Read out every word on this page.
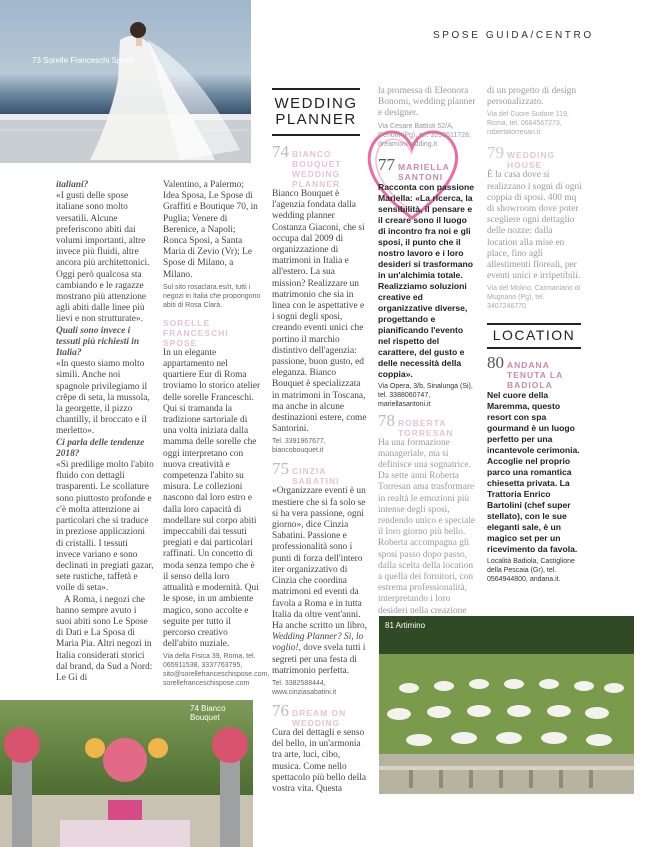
SPOSE GUIDA/CENTRO
73 Sorelle Franceschi Spose

italiani?

«I gusti delle spose italiane sono molto versatili. Alcune preferiscono abiti dai volumi importanti, altre invece più fluidi, altre ancora più architettonici. Oggi però qualcosa sta cambiando e le ragazze mostrano più attenzione agli abiti dalle linee più lievi e non strutturate».

Quali sono invece i tessuti più richiesti in Italia?

«In questo siamo molto simili. Anche noi spagnole privilegiamo il crêpe di seta, la mussola, la georgette, il pizzo chantilly, il broccato e il merletto».

Ci parla delle tendenze 2018?

«Si predilige molto l'abito fluido con dettagli trasparenti. Le scollature sono piuttosto profonde e c'è molta attenzione ai particolari che si traduce in preziose applicazioni di cristalli. I tessuti invece variano e sono declinati in pregiati gazar, sete rustiche, taffetà e voile di seta».

A Roma, i negozi che hanno sempre avuto i suoi abiti sono Le Spose di Dati e La Sposa di Maria Pia. Altri negozi in Italia considerati storici dal brand, da Sud a Nord: Le Gi di

Valentino, a Palermo; Idea Sposa, Le Spose di Graffiti e Boutique 70, in Puglia; Venere di Berenice, a Napoli; Ronca Sposi, a Santa Maria di Zevio (Vr); Le Spose di Milano, a Milano.

Sul sito rosaclara.es/it, tutti i negozi in Italia che propongono abiti di Rosa Clarà.

SORELLE FRANCESCHI SPOSE

In un elegante appartamento nel quartiere Eur di Roma troviamo lo storico atelier delle sorelle Franceschi. Qui si tramanda la tradizione sartoriale di una volta iniziata dalla mamma delle sorelle che oggi interpretano con nuova creatività e competenza l'abito su misura. Le collezioni nascono dal loro estro e dalla loro capacità di modellare sul corpo abiti impeccabili dai tessuti pregiati e dai particolari raffinati. Un concetto di moda senza tempo che è il senso della loro attualità e modernità. Qui le spose, in un ambiente magico, sono accolte e seguite per tutto il percorso creativo dell'abito nuziale.

Via della Fisica 39, Roma, tel. 065911538, 3337763795, sito@sorellefranceschispose.com, sorellefranceschispose.com

WEDDING
PLANNER
74 BIANCO BOUQUET WEDDING PLANNER

Bianco Bouquet è l'agenzia fondata dalla wedding planner Costanza Giaconi, che si occupa dal 2009 di organizzazione di matrimoni in Italia e all'estero. La sua mission? Realizzare un matrimonio che sia in linea con le aspettative e i sogni degli sposi, creando eventi unici che portino il marchio distintivo dell'agenzia: passione, buon gusto, ed eleganza. Bianco Bouquet è specializzata in matrimoni in Toscana, ma anche in alcune destinazioni estere, come Santorini.

Tel. 3391967677, biancobouquet.it

75 CINZIA SABATINI

«Organizzare eventi è un mestiere che si fa solo se si ha vera passione, ogni giorno», dice Cinzia Sabatini. Passione e professionalità sono i punti di forza dell'intero iter organizzativo di Cinzia che coordina matrimoni ed eventi da favola a Roma e in tutta Italia da oltre vent'anni. Ha anche scritto un libro, Wedding Planner? Sì, lo voglio!, dove svela tutti i segreti per una festa di matrimonio perfetta.

Tel. 3382588444, www.cinziasabatini.it

76 DREAM ON WEDDING

Cura dei dettagli e senso del bello, in un'armonia tra arte, luci, cibo, musica. Come nello spettacolo più bello della vostra vita. Questa

la promessa di Eleonora Bonomi, wedding planner e designer.

Via Cesare Battisti 52/A, Denotti (Pg), tel. 3259511728, dreamonwedding.it

77 MARIELLA SANTONI

Racconta con passione Mariella: «La ricerca, la sensibilità, il pensare e il creare sono il luogo di incontro fra noi e gli sposi, il punto che il nostro lavoro e i loro desideri si trasformano in un'alchimia totale. Realizziamo soluzioni creative ed organizzative diverse, progettando e pianificando l'evento nel rispetto del carattere, del gusto e delle necessità della coppia».

Via Opera, 3/b, Sinalunga (Si), tel. 3388060747, mariellasantoni.it

78 ROBERTA TORRESAN

Ha una formazione manageriale, ma si definisce una sognatrice. Da sette anni Roberta Torresan ama trasformare in realtà le emozioni più intense degli sposi, rendendo unico e speciale il loro giorno più bello. Roberta accompagna gli sposi passo dopo passo, dalla scelta della location a quella dei fornitori, con estrema professionalità, interpretando i loro desideri nella creazione

di un progetto di design personalizzato.

Via del Cuore Sudore 119, Roma, tel. 0664567273, robertatorresan.it

79 WEDDING HOUSE

È la casa dove si realizzano i sogni di ogni coppia di sposi. 400 mq di showroom dove poter scegliere ogni dettaglio delle nozze: dalla location alla mise en place, fino agli allestimenti floreali, per eventi unici e irripetibili.

Via del Molino, Carmaniano di Mugnano (Pg), tel. 3407246770.

LOCATION
80 ANDANA TENUTA LA BADIOLA

Nel cuore della Maremma, questo resort con spa gourmand è un luogo perfetto per una incantevole cerimonia. Accoglie nel proprio parco una romantica chiesetta privata. La Trattoria Enrico Bartolini (chef super stellato), con le sue eleganti sale, è un magico set per un ricevimento da favola.

Località Badiola, Castiglione della Pescaia (Gr), tel. 0564944800, andana.it.

74 Bianco Bouquet
81 Artimino
